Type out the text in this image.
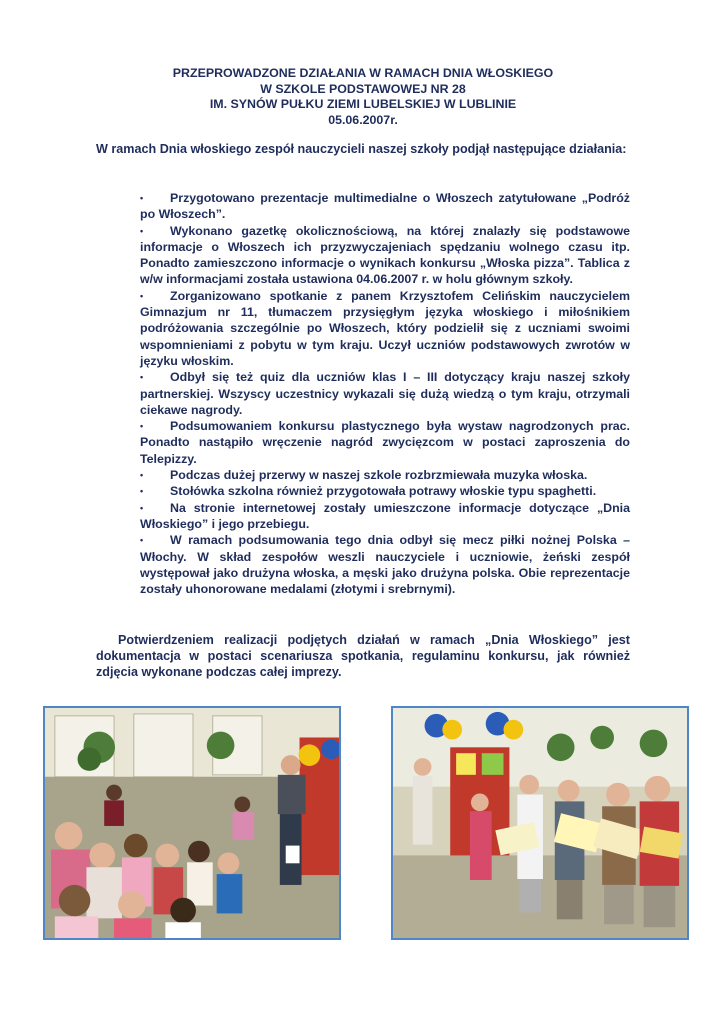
PRZEPROWADZONE DZIAŁANIA W RAMACH DNIA WŁOSKIEGO
W SZKOLE PODSTAWOWEJ NR 28
IM. SYNÓW PUŁKU ZIEMI LUBELSKIEJ W LUBLINIE
05.06.2007r.
W ramach Dnia włoskiego zespół nauczycieli naszej szkoły podjął następujące działania:
• Przygotowano prezentacje multimedialne o Włoszech zatytułowane „Podróż po Włoszech”.
• Wykonano gazetkę okolicznościową, na której znalazły się podstawowe informacje o Włoszech ich przyzwyczajeniach spędzaniu wolnego czasu itp. Ponadto zamieszczono informacje o wynikach konkursu „Włoska pizza”. Tablica z w/w informacjami została ustawiona 04.06.2007 r. w holu głównym szkoły.
• Zorganizowano spotkanie z panem Krzysztofem Celińskim nauczycielem Gimnazjum nr 11, tłumaczem przysięgłym języka włoskiego i miłośnikiem podróżowania szczególnie po Włoszech, który podzielił się z uczniami swoimi wspomnieniami z pobytu w tym kraju. Uczył uczniów podstawowych zwrotów w języku włoskim.
• Odbył się też quiz dla uczniów klas I – III dotyczący kraju naszej szkoły partnerskiej. Wszyscy uczestnicy wykazali się dużą wiedzą o tym kraju, otrzymali ciekawe nagrody.
• Podsumowaniem konkursu plastycznego była wystaw nagrodzonych prac. Ponadto nastąpiło wręczenie nagród zwycięzcom w postaci zaproszenia do Telepizzy.
• Podczas dużej przerwy w naszej szkole rozbrzmiewała muzyka włoska.
• Stołówka szkolna również przygotowała potrawy włoskie typu spaghetti.
• Na stronie internetowej zostały umieszczone informacje dotyczące „Dnia Włoskiego” i jego przebiegu.
• W ramach podsumowania tego dnia odbył się mecz piłki nożnej Polska – Włochy. W skład zespołów weszli nauczyciele i uczniowie, żeński zespół występował jako drużyna włoska, a męski jako drużyna polska. Obie reprezentacje zostały uhonorowane medalami (złotymi i srebrnymi).
Potwierdzeniem realizacji podjętych działań w ramach „Dnia Włoskiego” jest dokumentacja w postaci scenariusza spotkania, regulaminu konkursu, jak również zdjęcia wykonane podczas całej imprezy.
